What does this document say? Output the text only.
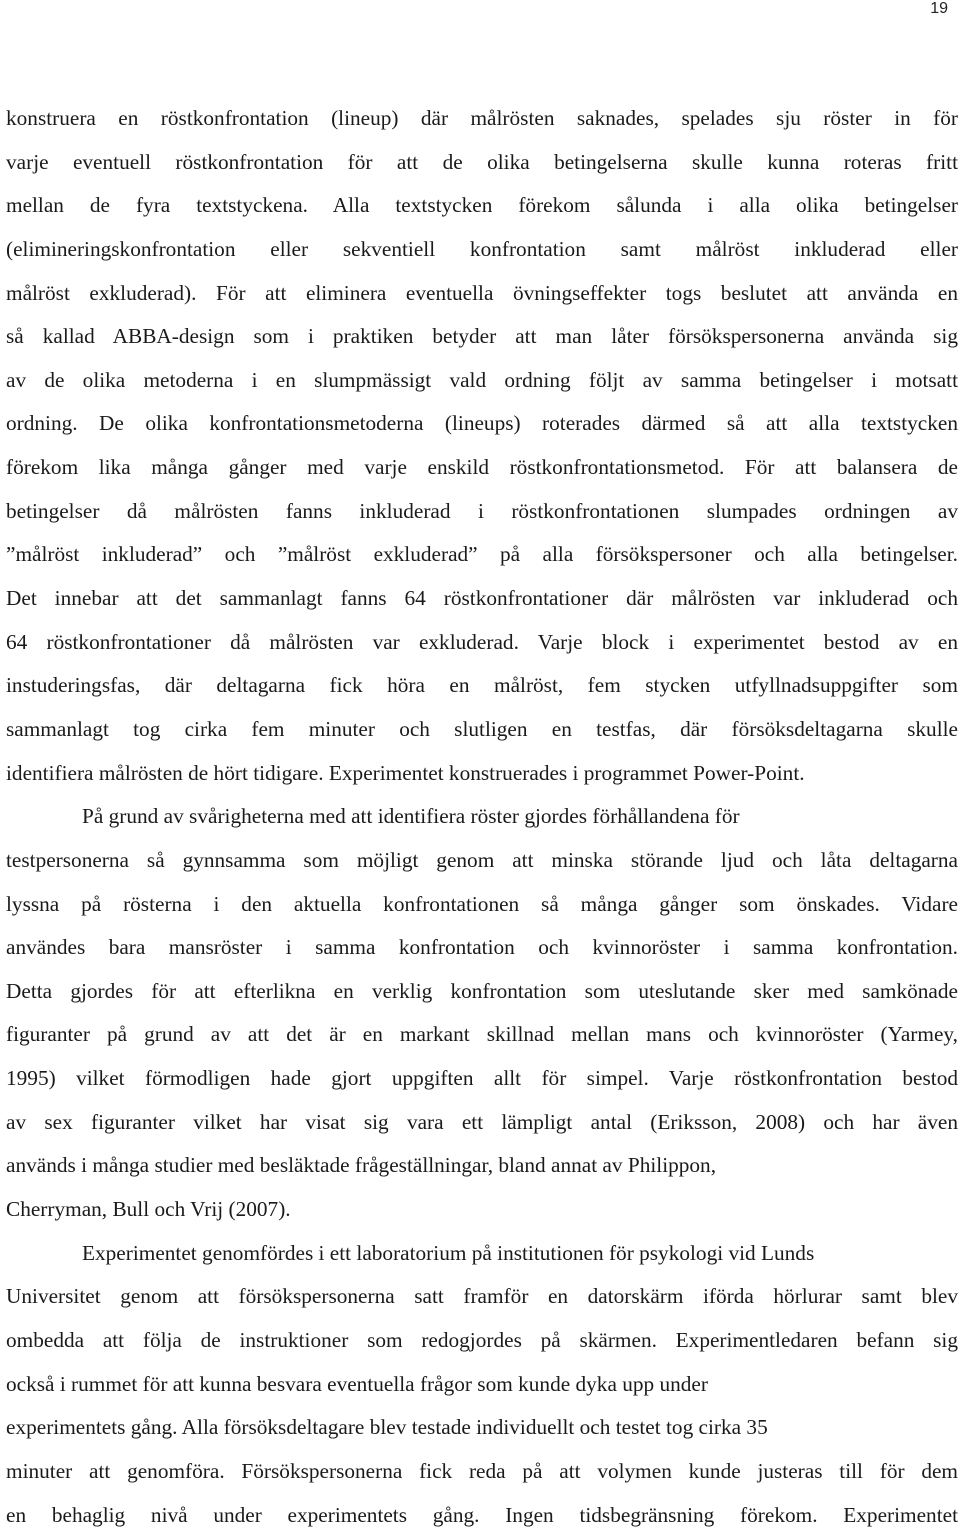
19
konstruera en röstkonfrontation (lineup) där målrösten saknades, spelades sju röster in för
varje eventuell röstkonfrontation för att de olika betingelserna skulle kunna roteras fritt
mellan de fyra textstyckena. Alla textstycken förekom sålunda i alla olika betingelser
(elimineringskonfrontation eller sekventiell konfrontation samt målröst inkluderad eller
målröst exkluderad). För att eliminera eventuella övningseffekter togs beslutet att använda en
så kallad ABBA-design som i praktiken betyder att man låter försökspersonerna använda sig
av de olika metoderna i en slumpmässigt vald ordning följt av samma betingelser i motsatt
ordning. De olika konfrontationsmetoderna (lineups) roterades därmed så att alla textstycken
förekom lika många gånger med varje enskild röstkonfrontationsmetod. För att balansera de
betingelser då målrösten fanns inkluderad i röstkonfrontationen slumpades ordningen av
”målröst inkluderad” och ”målröst exkluderad” på alla försökspersoner och alla betingelser.
Det innebar att det sammanlagt fanns 64 röstkonfrontationer där målrösten var inkluderad och
64 röstkonfrontationer då målrösten var exkluderad. Varje block i experimentet bestod av en
instuderingsfas, där deltagarna fick höra en målröst, fem stycken utfyllnadsuppgifter som
sammanlagt tog cirka fem minuter och slutligen en testfas, där försöksdeltagarna skulle
identifiera målrösten de hört tidigare. Experimentet konstruerades i programmet Power-Point.
På grund av svårigheterna med att identifiera röster gjordes förhållandena för
testpersonerna så gynnsamma som möjligt genom att minska störande ljud och låta deltagarna
lyssna på rösterna i den aktuella konfrontationen så många gånger som önskades. Vidare
användes bara mansröster i samma konfrontation och kvinnoröster i samma konfrontation.
Detta gjordes för att efterlikna en verklig konfrontation som uteslutande sker med samkönade
figuranter på grund av att det är en markant skillnad mellan mans och kvinnoröster (Yarmey,
1995) vilket förmodligen hade gjort uppgiften allt för simpel. Varje röstkonfrontation bestod
av sex figuranter vilket har visat sig vara ett lämpligt antal (Eriksson, 2008) och har även
används i många studier med besläktade frågeställningar, bland annat av Philippon,
Cherryman, Bull och Vrij (2007).
Experimentet genomfördes i ett laboratorium på institutionen för psykologi vid Lunds
Universitet genom att försökspersonerna satt framför en datorskärm iförda hörlurar samt blev
ombedda att följa de instruktioner som redogjordes på skärmen. Experimentledaren befann sig
också i rummet för att kunna besvara eventuella frågor som kunde dyka upp under
experimentets gång. Alla försöksdeltagare blev testade individuellt och testet tog cirka 35
minuter att genomföra. Försökspersonerna fick reda på att volymen kunde justeras till för dem
en behaglig nivå under experimentets gång. Ingen tidsbegränsning förekom. Experimentet
